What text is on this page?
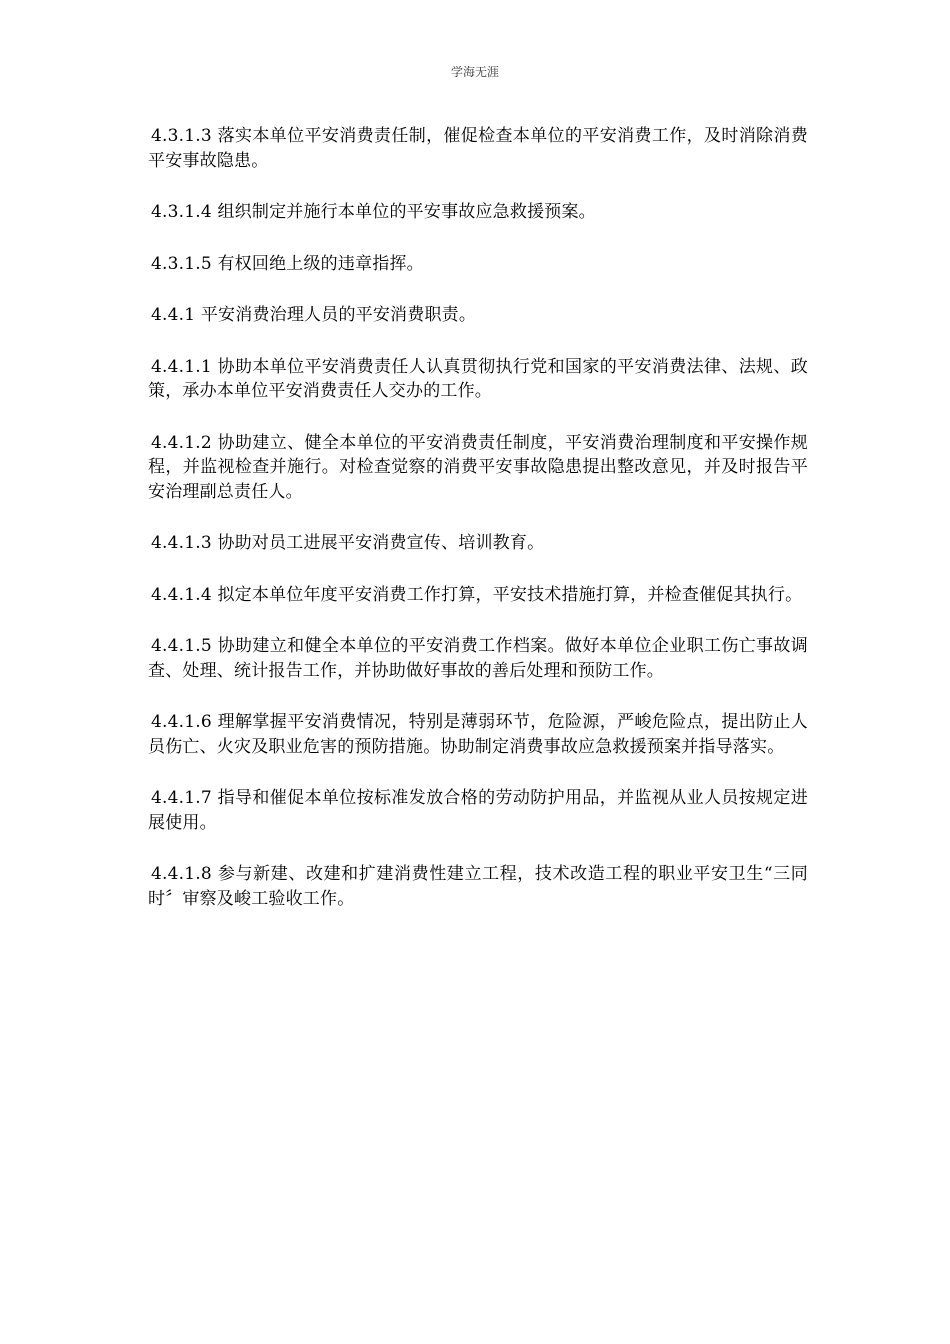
学海无涯

4.3.1.3 落实本单位平安消费责任制，催促检查本单位的平安消费工作，及时消除消费平安事故隐患。

4.3.1.4 组织制定并施行本单位的平安事故应急救援预案。

4.3.1.5 有权回绝上级的违章指挥。

4.4.1 平安消费治理人员的平安消费职责。

4.4.1.1 协助本单位平安消费责任人认真贯彻执行党和国家的平安消费法律、法规、政策，承办本单位平安消费责任人交办的工作。

4.4.1.2 协助建立、健全本单位的平安消费责任制度，平安消费治理制度和平安操作规程，并监视检查并施行。对检查觉察的消费平安事故隐患提出整改意见，并及时报告平安治理副总责任人。

4.4.1.3 协助对员工进展平安消费宣传、培训教育。

4.4.1.4 拟定本单位年度平安消费工作打算，平安技术措施打算，并检查催促其执行。

4.4.1.5 协助建立和健全本单位的平安消费工作档案。做好本单位企业职工伤亡事故调查、处理、统计报告工作，并协助做好事故的善后处理和预防工作。

4.4.1.6 理解掌握平安消费情况，特别是薄弱环节，危险源，严峻危险点，提出防止人员伤亡、火灾及职业危害的预防措施。协助制定消费事故应急救援预案并指导落实。

4.4.1.7 指导和催促本单位按标准发放合格的劳动防护用品，并监视从业人员按规定进展使用。

4.4.1.8 参与新建、改建和扩建消费性建立工程，技术改造工程的职业平安卫生“三同时〞审察及峻工验收工作。
